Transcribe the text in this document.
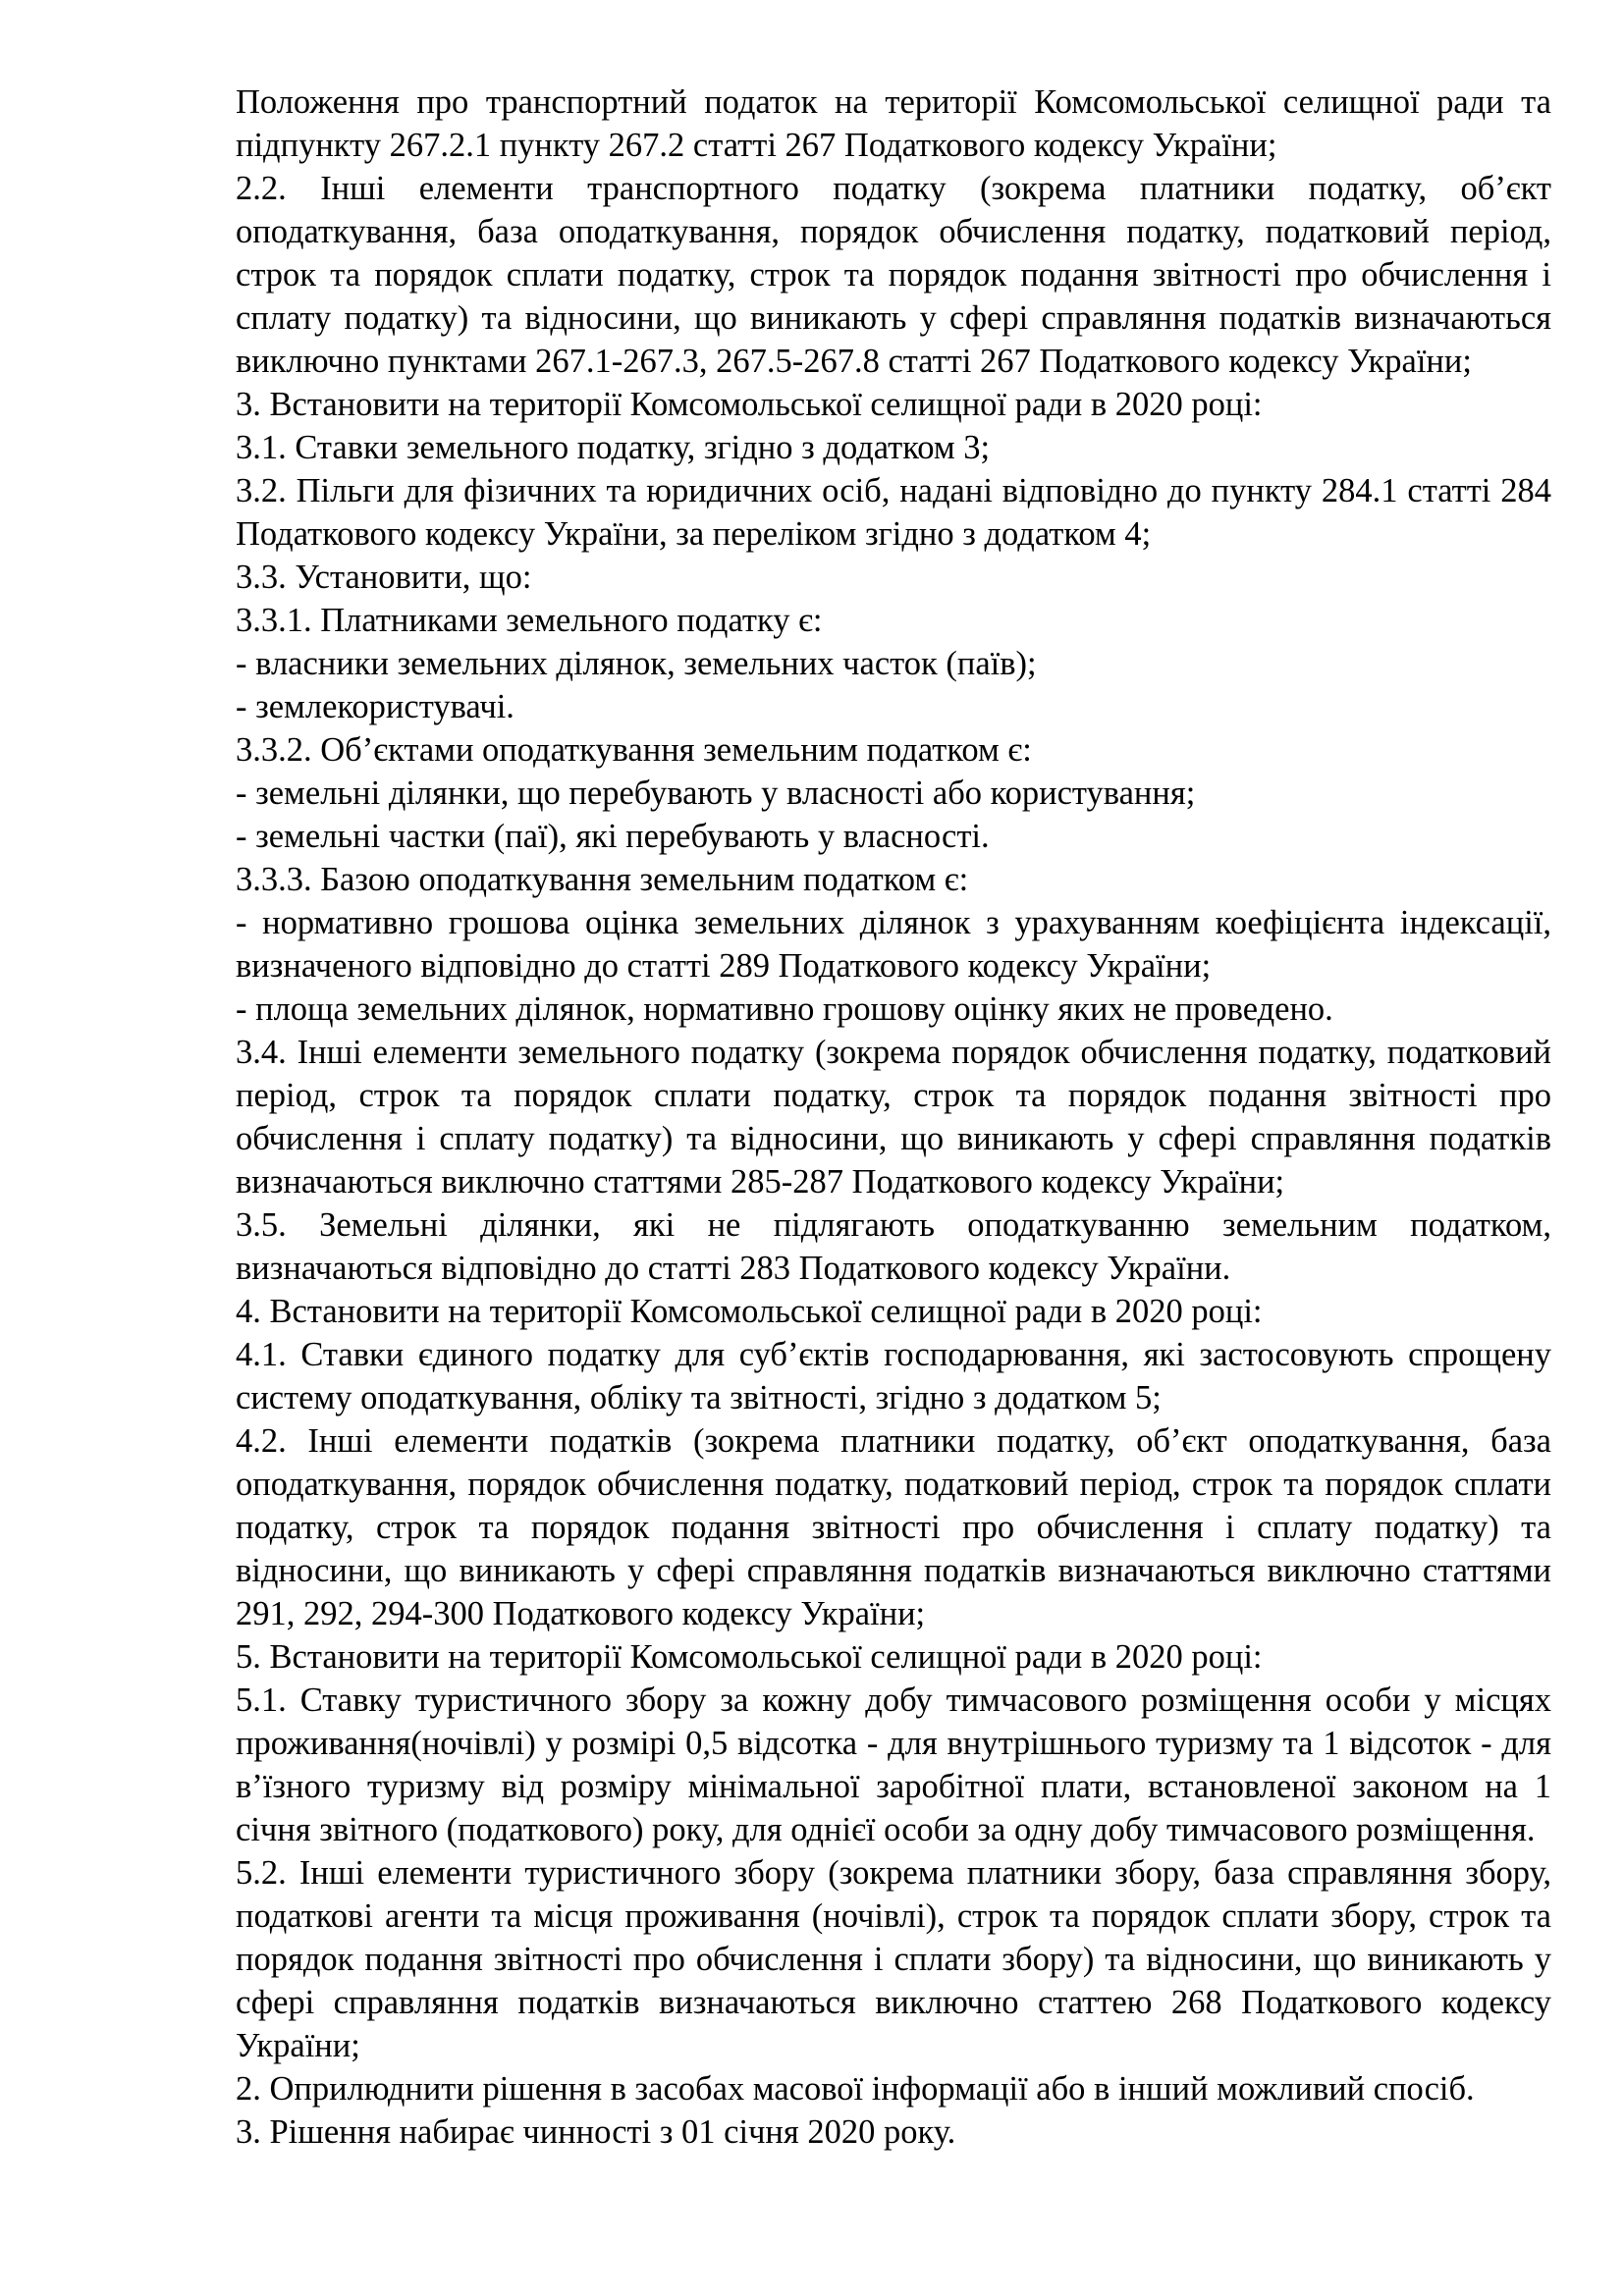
Положення про транспортний податок на території Комсомольської селищної ради та підпункту 267.2.1 пункту 267.2 статті 267 Податкового кодексу України;

2.2. Інші елементи транспортного податку (зокрема платники податку, об’єкт оподаткування, база оподаткування, порядок обчислення податку, податковий період, строк та порядок сплати податку, строк та порядок подання звітності про обчислення і сплату податку) та відносини, що виникають у сфері справляння податків визначаються виключно пунктами 267.1-267.3, 267.5-267.8 статті 267 Податкового кодексу України;

3. Встановити на території Комсомольської селищної ради в 2020 році:

3.1. Ставки земельного податку, згідно з додатком 3;

3.2. Пільги для фізичних та юридичних осіб, надані відповідно до пункту 284.1 статті 284 Податкового кодексу України, за переліком згідно з додатком 4;

3.3. Установити, що:

3.3.1. Платниками земельного податку є:

- власники земельних ділянок, земельних часток (паїв);

- землекористувачі.

3.3.2. Об’єктами оподаткування земельним податком є:

- земельні ділянки, що перебувають у власності або користування;

- земельні частки (паї), які перебувають у власності.

3.3.3. Базою оподаткування земельним податком є:

- нормативно грошова оцінка земельних ділянок з урахуванням коефіцієнта індексації, визначеного відповідно до статті 289 Податкового кодексу України;

- площа земельних ділянок, нормативно грошову оцінку яких не проведено.

3.4. Інші елементи земельного податку (зокрема порядок обчислення податку, податковий період, строк та порядок сплати податку, строк та порядок подання звітності про обчислення і сплату податку) та відносини, що виникають у сфері справляння податків визначаються виключно статтями 285-287 Податкового кодексу України;

3.5. Земельні ділянки, які не підлягають оподаткуванню земельним податком, визначаються відповідно до статті 283 Податкового кодексу України.

4. Встановити на території Комсомольської селищної ради в 2020 році:

4.1. Ставки єдиного податку для суб’єктів господарювання, які застосовують спрощену систему оподаткування, обліку та звітності, згідно з додатком 5;

4.2. Інші елементи податків (зокрема платники податку, об’єкт оподаткування, база оподаткування, порядок обчислення податку, податковий період, строк та порядок сплати податку, строк та порядок подання звітності про обчислення і сплату податку) та відносини, що виникають у сфері справляння податків визначаються виключно статтями 291, 292, 294-300 Податкового кодексу України;

5. Встановити на території Комсомольської селищної ради в 2020 році:

5.1. Ставку туристичного збору за кожну добу тимчасового розміщення особи у місцях проживання(ночівлі) у розмірі 0,5 відсотка - для внутрішнього туризму та 1 відсоток - для в’їзного туризму від розміру мінімальної заробітної плати, встановленої законом на 1 січня звітного (податкового) року, для однієї особи за одну добу тимчасового розміщення.

5.2. Інші елементи туристичного збору (зокрема платники збору, база справляння збору, податкові агенти та місця проживання (ночівлі), строк та порядок сплати збору, строк та порядок подання звітності про обчислення і сплати збору) та відносини, що виникають у сфері справляння податків визначаються виключно статтею 268 Податкового кодексу України;

2. Оприлюднити рішення в засобах масової інформації або в інший можливий спосіб.

3. Рішення набирає чинності з 01 січня 2020 року.
